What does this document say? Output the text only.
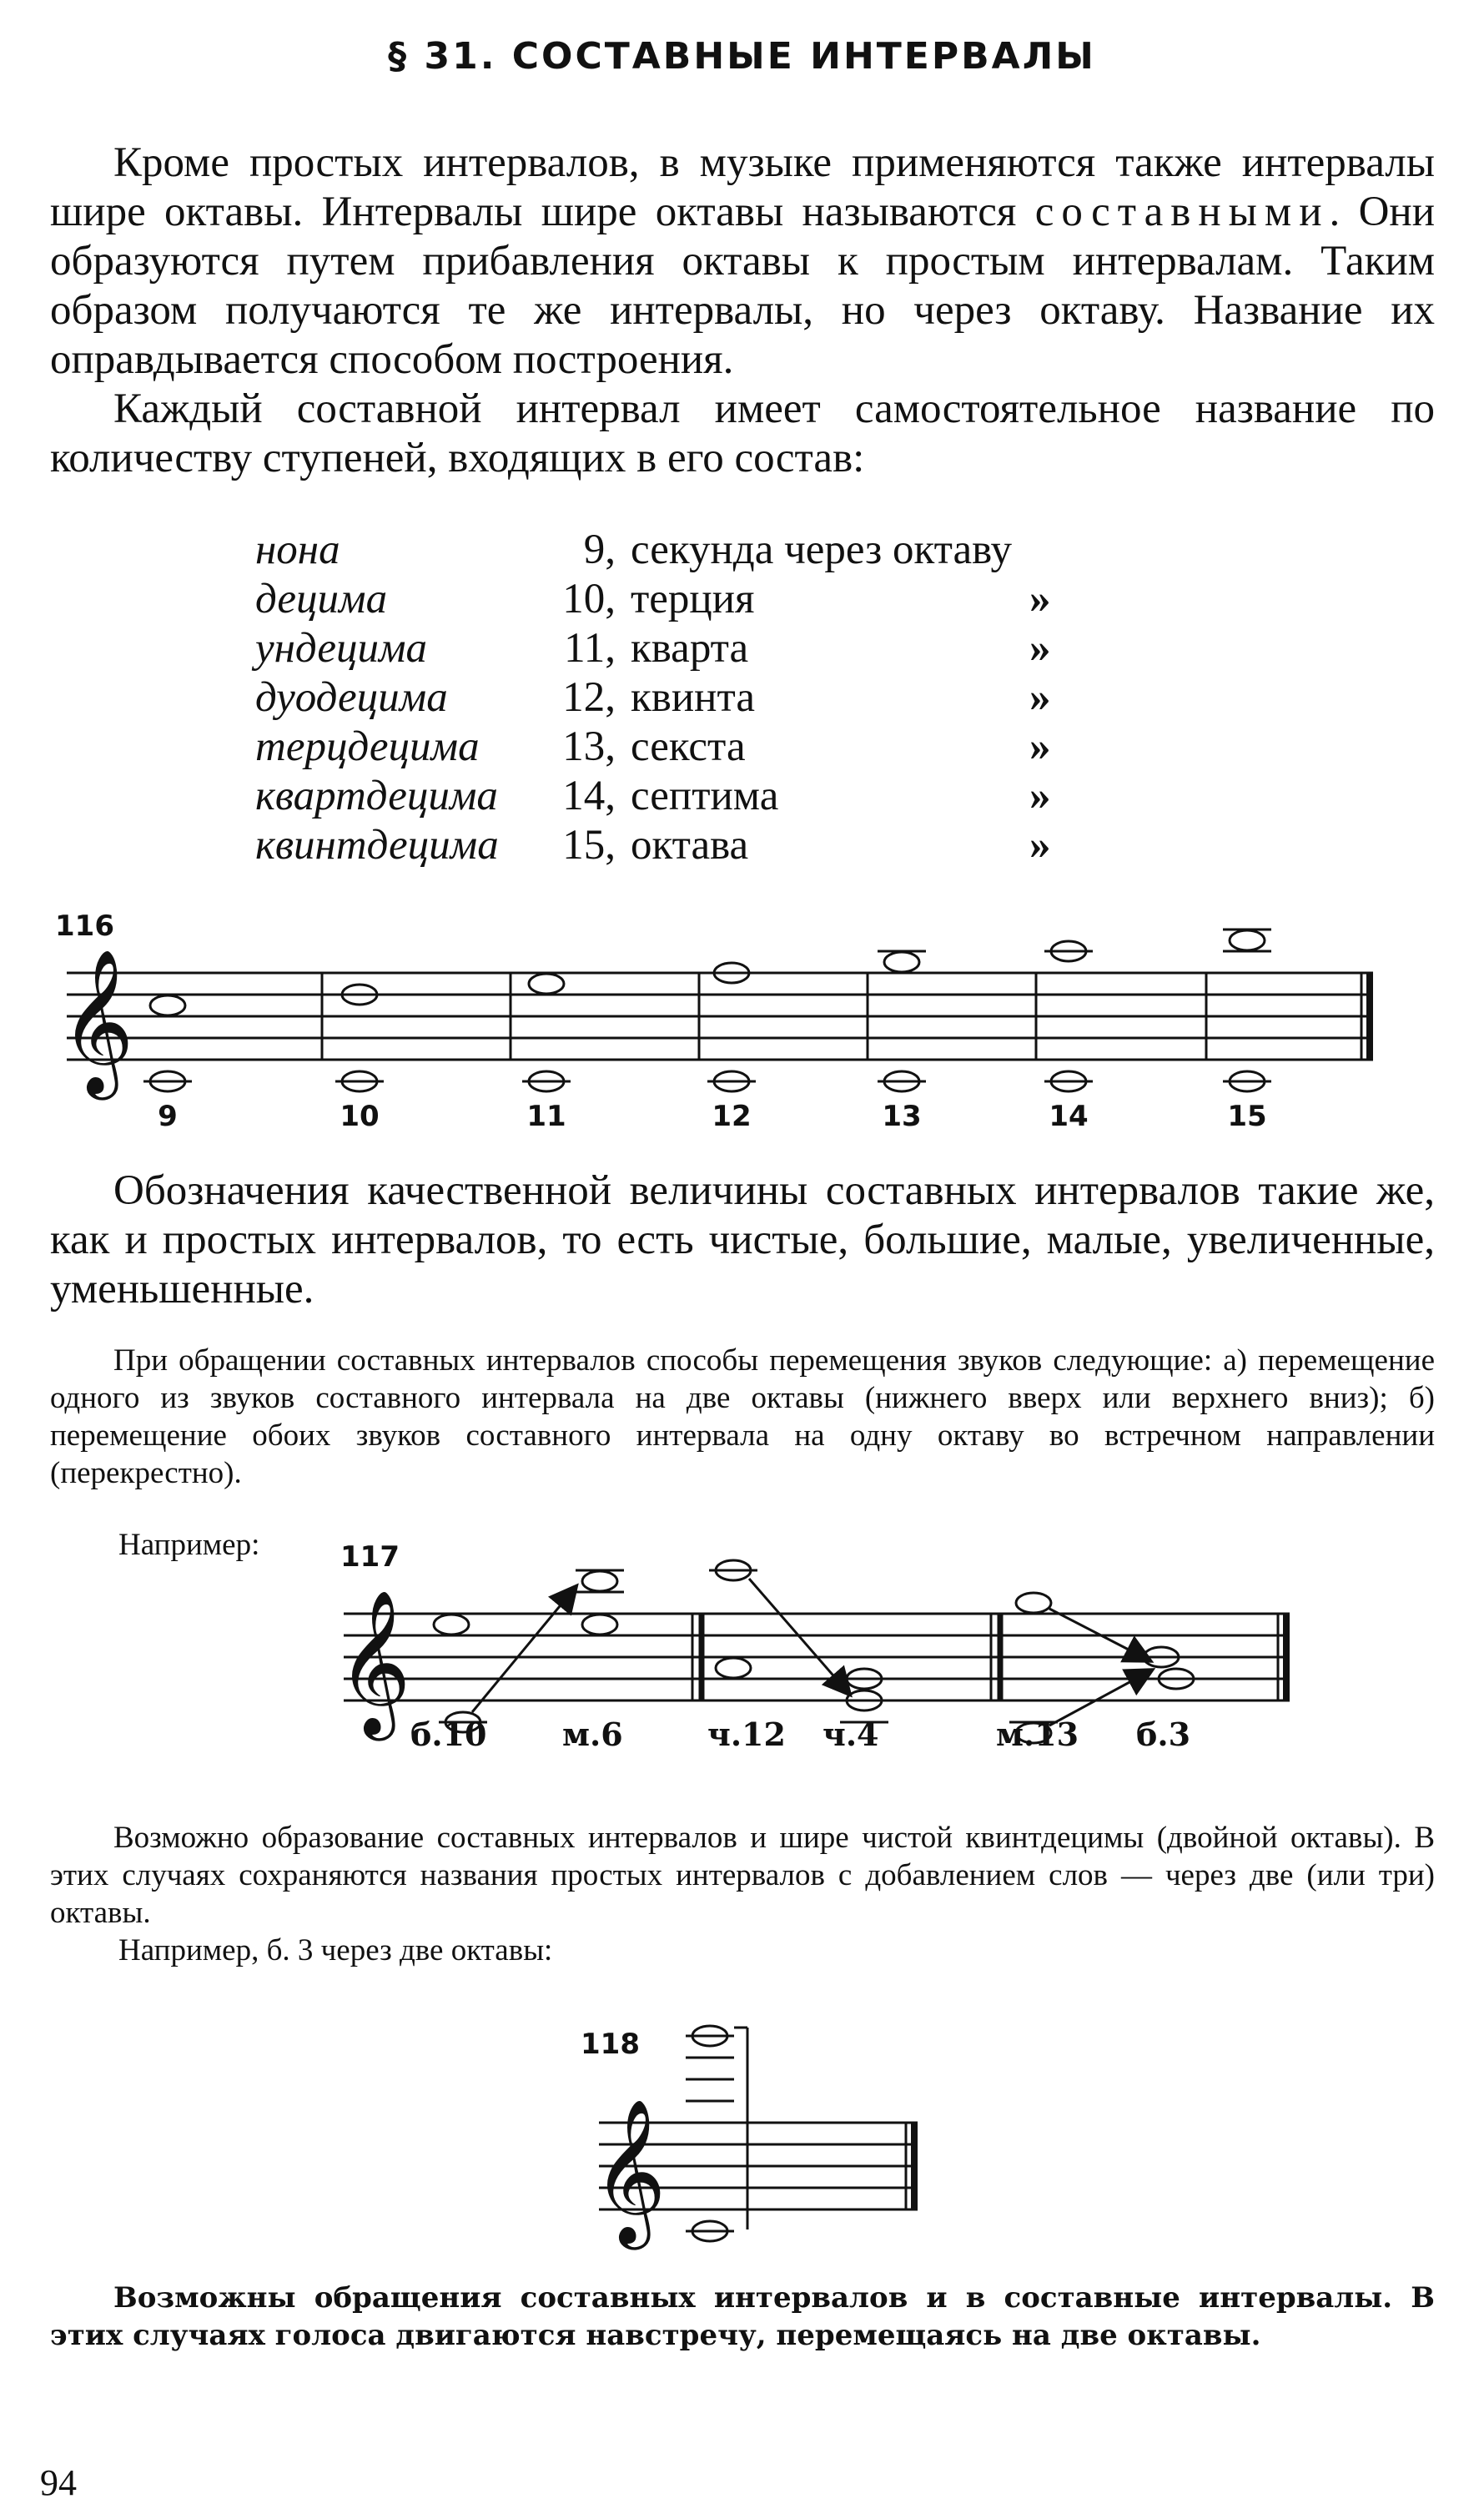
§ 31. СОСТАВНЫЕ ИНТЕРВАЛЫ

Кроме простых интервалов, в музыке применяются также интервалы шире октавы. Интервалы шире октавы называются составными. Они образуются путем прибавления октавы к простым интервалам. Таким образом получаются те же интервалы, но через октаву. Название их оправдывается способом построения.

Каждый составной интервал имеет самостоятельное название по количеству ступеней, входящих в его состав:

нона	9, секунда через октаву
децима	10, терция	»
ундецима	11, кварта	»
дуодецима	12, квинта	»
терцдецима 13, секста	»
квартдецима 14, септима	»
квинтдецима 15, октава	»
116
𝄞
9	10	11	12	13	14	15

Обозначения качественной величины составных интервалов такие же, как и простых интервалов, то есть чистые, большие, малые, увеличенные, уменьшенные.

При обращении составных интервалов способы перемещения звуков следующие: а) перемещение одного из звуков составного интервала на две октавы (нижнего вверх или верхнего вниз); б) перемещение обоих звуков составного интервала на одну октаву во встречном направлении (перекрестно).

Например:	117
𝄞 б.10 м.6	ч.12 ч.4	м.13 б.3

Возможно образование составных интервалов и шире чистой квинтдецимы (двойной октавы). В этих случаях сохраняются названия простых интервалов с добавлением слов — через две (или три) октавы.

Например, б. 3 через две октавы:
118
𝄞

Возможны обращения составных интервалов и в составные интервалы. В этих случаях голоса двигаются навстречу, перемещаясь на две октавы.

94
